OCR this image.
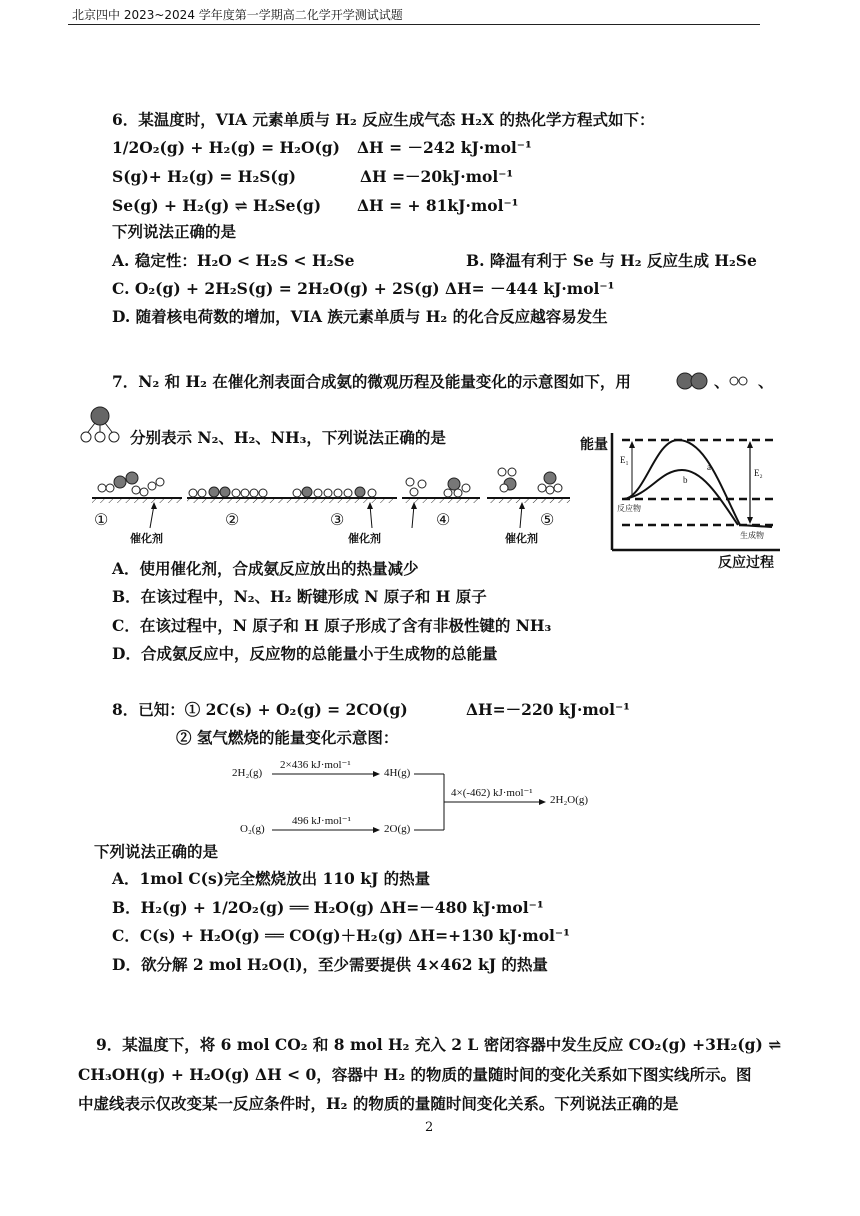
北京四中 2023~2024 学年度第一学期高二化学开学测试试题
6．某温度时，VIA 元素单质与 H₂ 反应生成气态 H₂X 的热化学方程式如下：
1/2O₂(g) + H₂(g) = H₂O(g) ΔH = －242 kJ·mol⁻¹
S(g)+ H₂(g) = H₂S(g)	ΔH =－20kJ·mol⁻¹
Se(g) + H₂(g) ⇌ H₂Se(g) ΔH = + 81kJ·mol⁻¹
下列说法正确的是
A. 稳定性：H₂O < H₂S < H₂Se	B. 降温有利于 Se 与 H₂ 反应生成 H₂Se
C. O₂(g) + 2H₂S(g) = 2H₂O(g) + 2S(g) ΔH= －444 kJ·mol⁻¹
D. 随着核电荷数的增加，VIA 族元素单质与 H₂ 的化合反应越容易发生
7．N₂ 和 H₂ 在催化剂表面合成氨的微观历程及能量变化的示意图如下，用	、 、
分别表示 N₂、H₂、NH₃，下列说法正确的是
①	②	③	④	⑤
催化剂	催化剂	催化剂
能量
反应过程
E₁
E₂
a
b
反应物
生成物
A．使用催化剂，合成氨反应放出的热量减少
B．在该过程中，N₂、H₂ 断键形成 N 原子和 H 原子
C．在该过程中，N 原子和 H 原子形成了含有非极性键的 NH₃
D．合成氨反应中，反应物的总能量小于生成物的总能量
8．已知：① 2C(s) + O₂(g) = 2CO(g)	ΔH=－220 kJ·mol⁻¹
② 氢气燃烧的能量变化示意图：
2H₂(g)
2×436 kJ·mol⁻¹
4H(g)
O₂(g)
496 kJ·mol⁻¹
2O(g)
4×(-462) kJ·mol⁻¹
2H₂O(g)
下列说法正确的是
A．1mol C(s)完全燃烧放出 110 kJ 的热量
B．H₂(g) + 1/2O₂(g) ══ H₂O(g) ΔH=－480 kJ·mol⁻¹
C．C(s) + H₂O(g) ══ CO(g)＋H₂(g) ΔH=+130 kJ·mol⁻¹
D．欲分解 2 mol H₂O(l)，至少需要提供 4×462 kJ 的热量
9．某温度下，将 6 mol CO₂ 和 8 mol H₂ 充入 2 L 密闭容器中发生反应 CO₂(g) +3H₂(g) ⇌
CH₃OH(g) + H₂O(g) ΔH < 0，容器中 H₂ 的物质的量随时间的变化关系如下图实线所示。图
中虚线表示仅改变某一反应条件时，H₂ 的物质的量随时间变化关系。下列说法正确的是
2
